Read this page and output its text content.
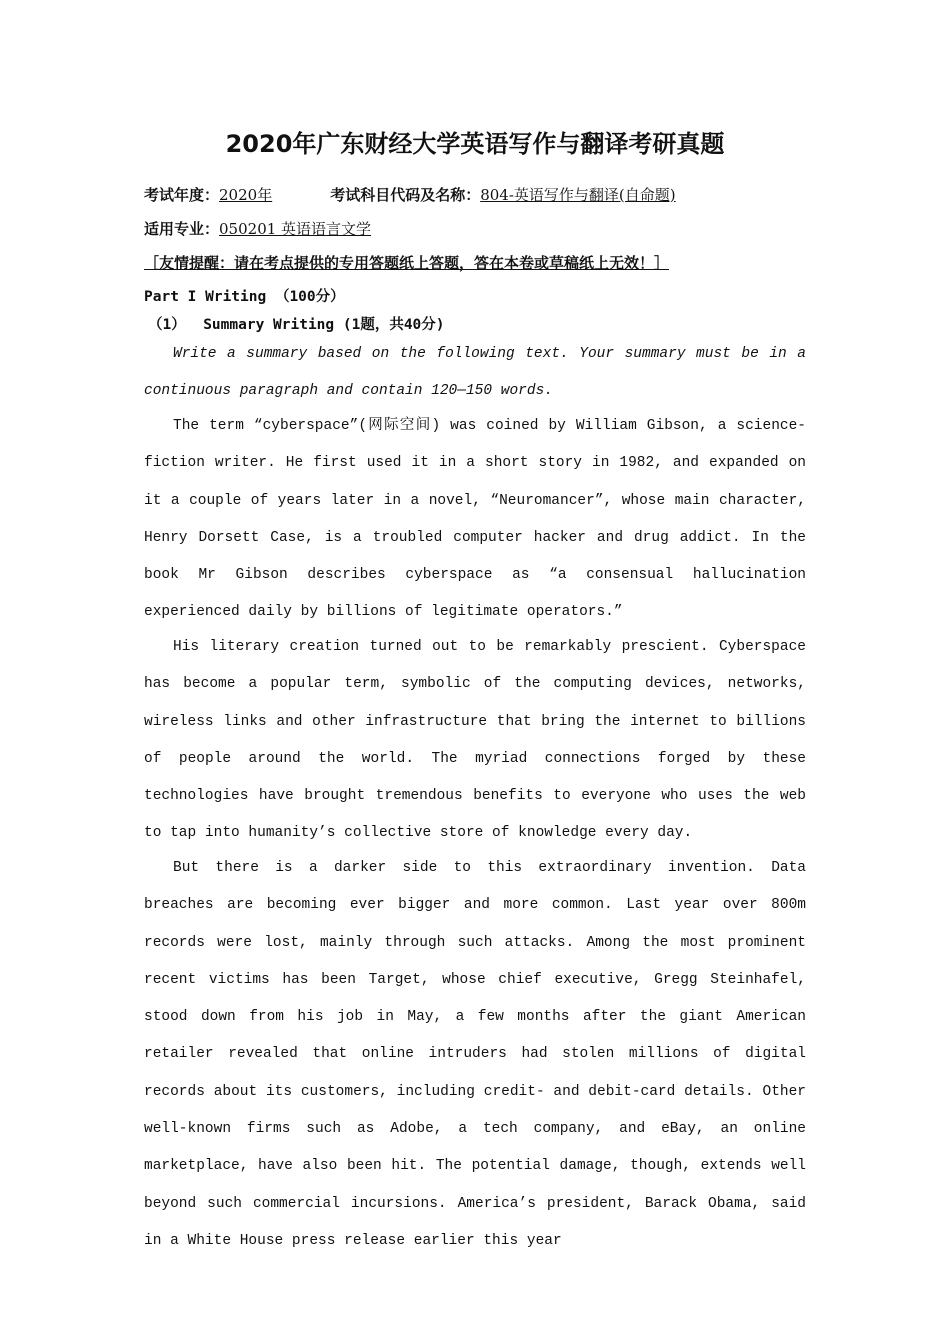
2020年广东财经大学英语写作与翻译考研真题
考试年度：2020年	考试科目代码及名称：804-英语写作与翻译(自命题)
适用专业：050201 英语语言文学
［友情提醒：请在考点提供的专用答题纸上答题，答在本卷或草稿纸上无效！］
Part I Writing （100分）
（1）  Summary Writing (1题，共40分)

Write a summary based on the following text. Your summary must be in a continuous paragraph and contain 120—150 words.

The term “cyberspace”(网际空间) was coined by William Gibson, a science-fiction writer. He first used it in a short story in 1982, and expanded on it a couple of years later in a novel, “Neuromancer”, whose main character, Henry Dorsett Case, is a troubled computer hacker and drug addict. In the book Mr Gibson describes cyberspace as “a consensual hallucination experienced daily by billions of legitimate operators.”

His literary creation turned out to be remarkably prescient. Cyberspace has become a popular term, symbolic of the computing devices, networks, wireless links and other infrastructure that bring the internet to billions of people around the world. The myriad connections forged by these technologies have brought tremendous benefits to everyone who uses the web to tap into humanity’s collective store of knowledge every day.

But there is a darker side to this extraordinary invention. Data breaches are becoming ever bigger and more common. Last year over 800m records were lost, mainly through such attacks. Among the most prominent recent victims has been Target, whose chief executive, Gregg Steinhafel, stood down from his job in May, a few months after the giant American retailer revealed that online intruders had stolen millions of digital records about its customers, including credit- and debit-card details. Other well-known firms such as Adobe, a tech company, and eBay, an online marketplace, have also been hit. The potential damage, though, extends well beyond such commercial incursions. America’s president, Barack Obama, said in a White House press release earlier this year
